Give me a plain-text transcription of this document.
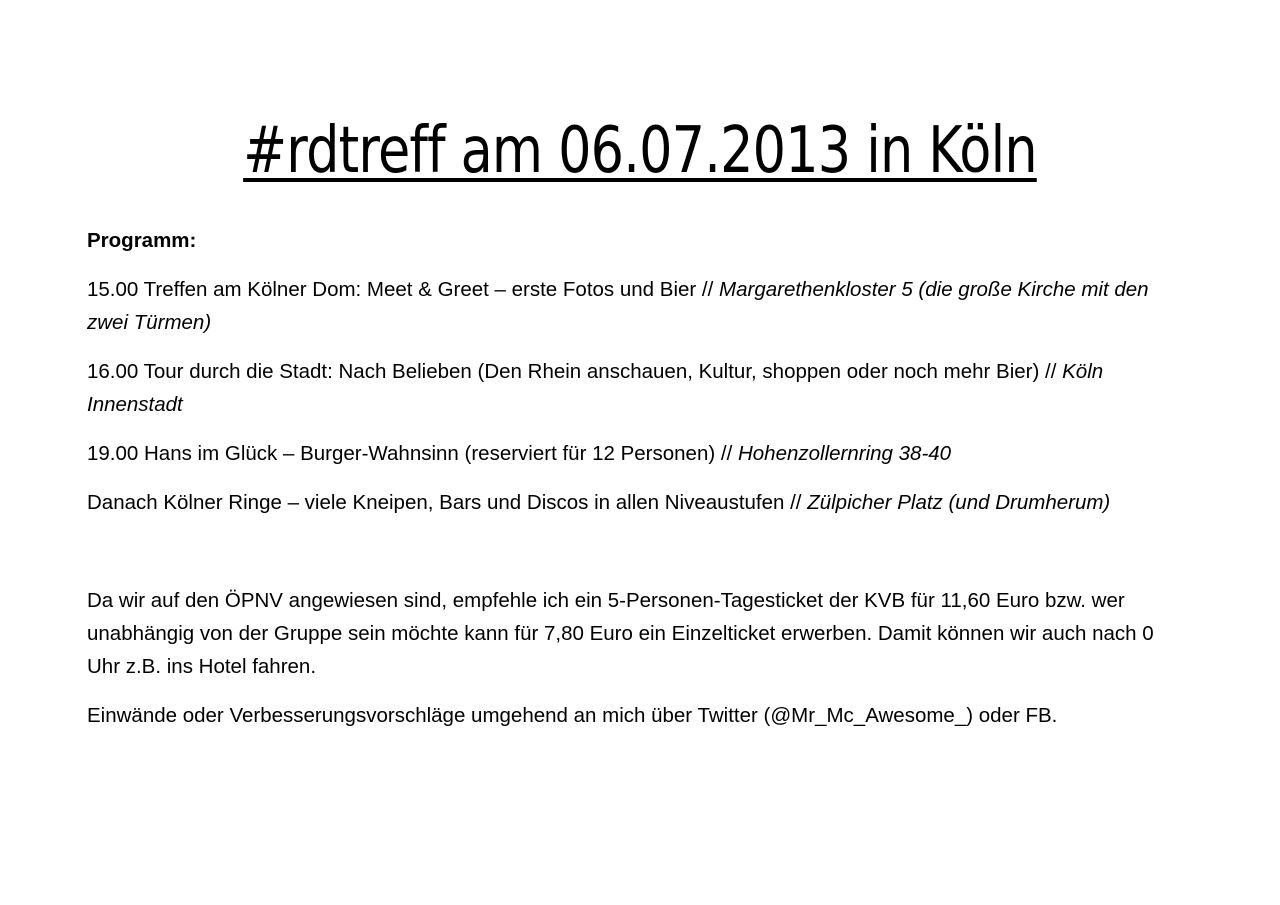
#rdtreff am 06.07.2013 in Köln

Programm:

15.00 Treffen am Kölner Dom: Meet & Greet – erste Fotos und Bier // Margarethenkloster 5 (die große Kirche mit den zwei Türmen)

16.00 Tour durch die Stadt: Nach Belieben (Den Rhein anschauen, Kultur, shoppen oder noch mehr Bier) // Köln Innenstadt

19.00 Hans im Glück – Burger-Wahnsinn (reserviert für 12 Personen) // Hohenzollernring 38-40

Danach Kölner Ringe – viele Kneipen, Bars und Discos in allen Niveaustufen // Zülpicher Platz (und Drumherum)

Da wir auf den ÖPNV angewiesen sind, empfehle ich ein 5-Personen-Tagesticket der KVB für 11,60 Euro bzw. wer unabhängig von der Gruppe sein möchte kann für 7,80 Euro ein Einzelticket erwerben. Damit können wir auch nach 0 Uhr z.B. ins Hotel fahren.

Einwände oder Verbesserungsvorschläge umgehend an mich über Twitter (@Mr_Mc_Awesome_) oder FB.
